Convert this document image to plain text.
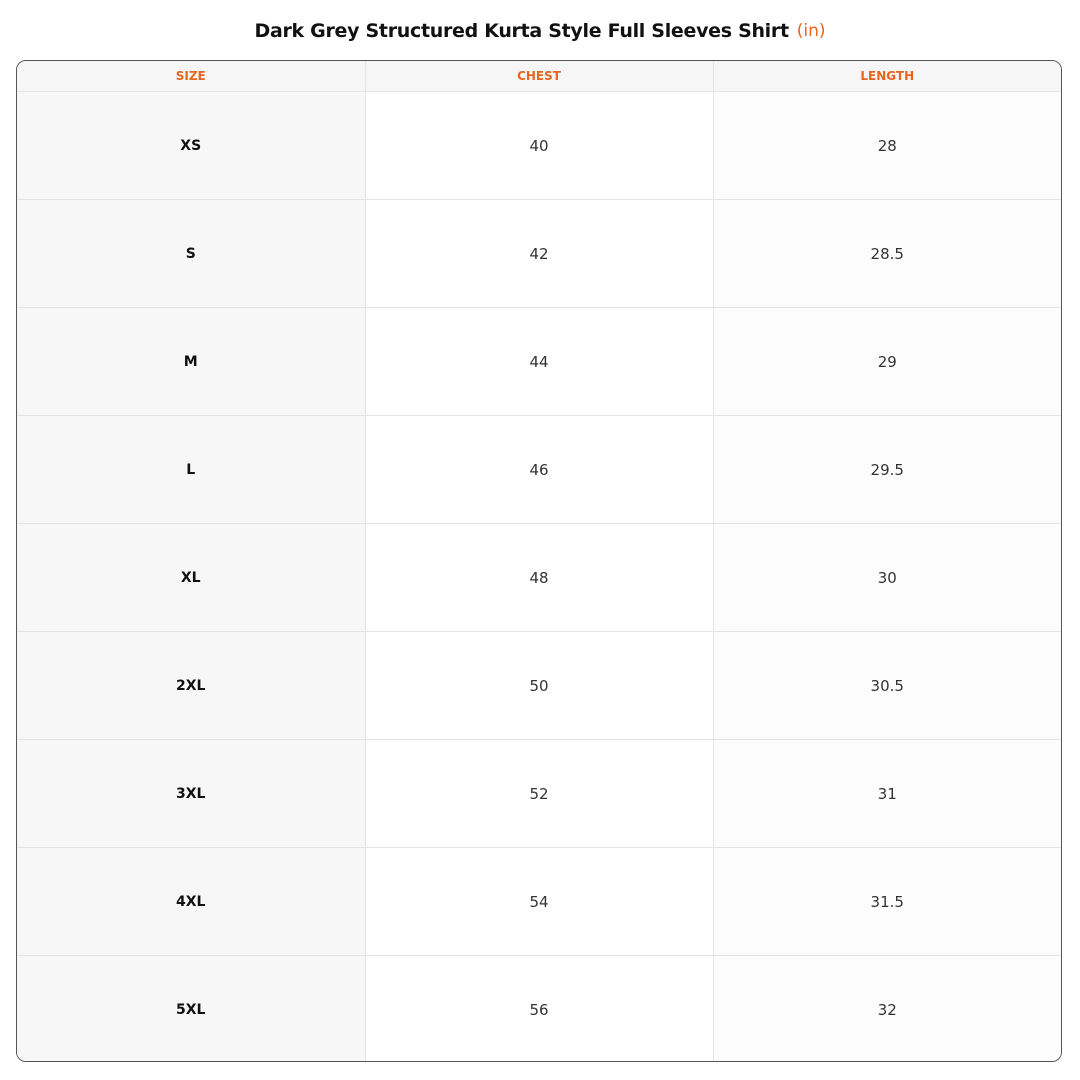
Dark Grey Structured Kurta Style Full Sleeves Shirt (in)
SIZE	CHEST	LENGTH
XS	40	28
S	42	28.5
M	44	29
L	46	29.5
XL	48	30
2XL	50	30.5
3XL	52	31
4XL	54	31.5
5XL	56	32
